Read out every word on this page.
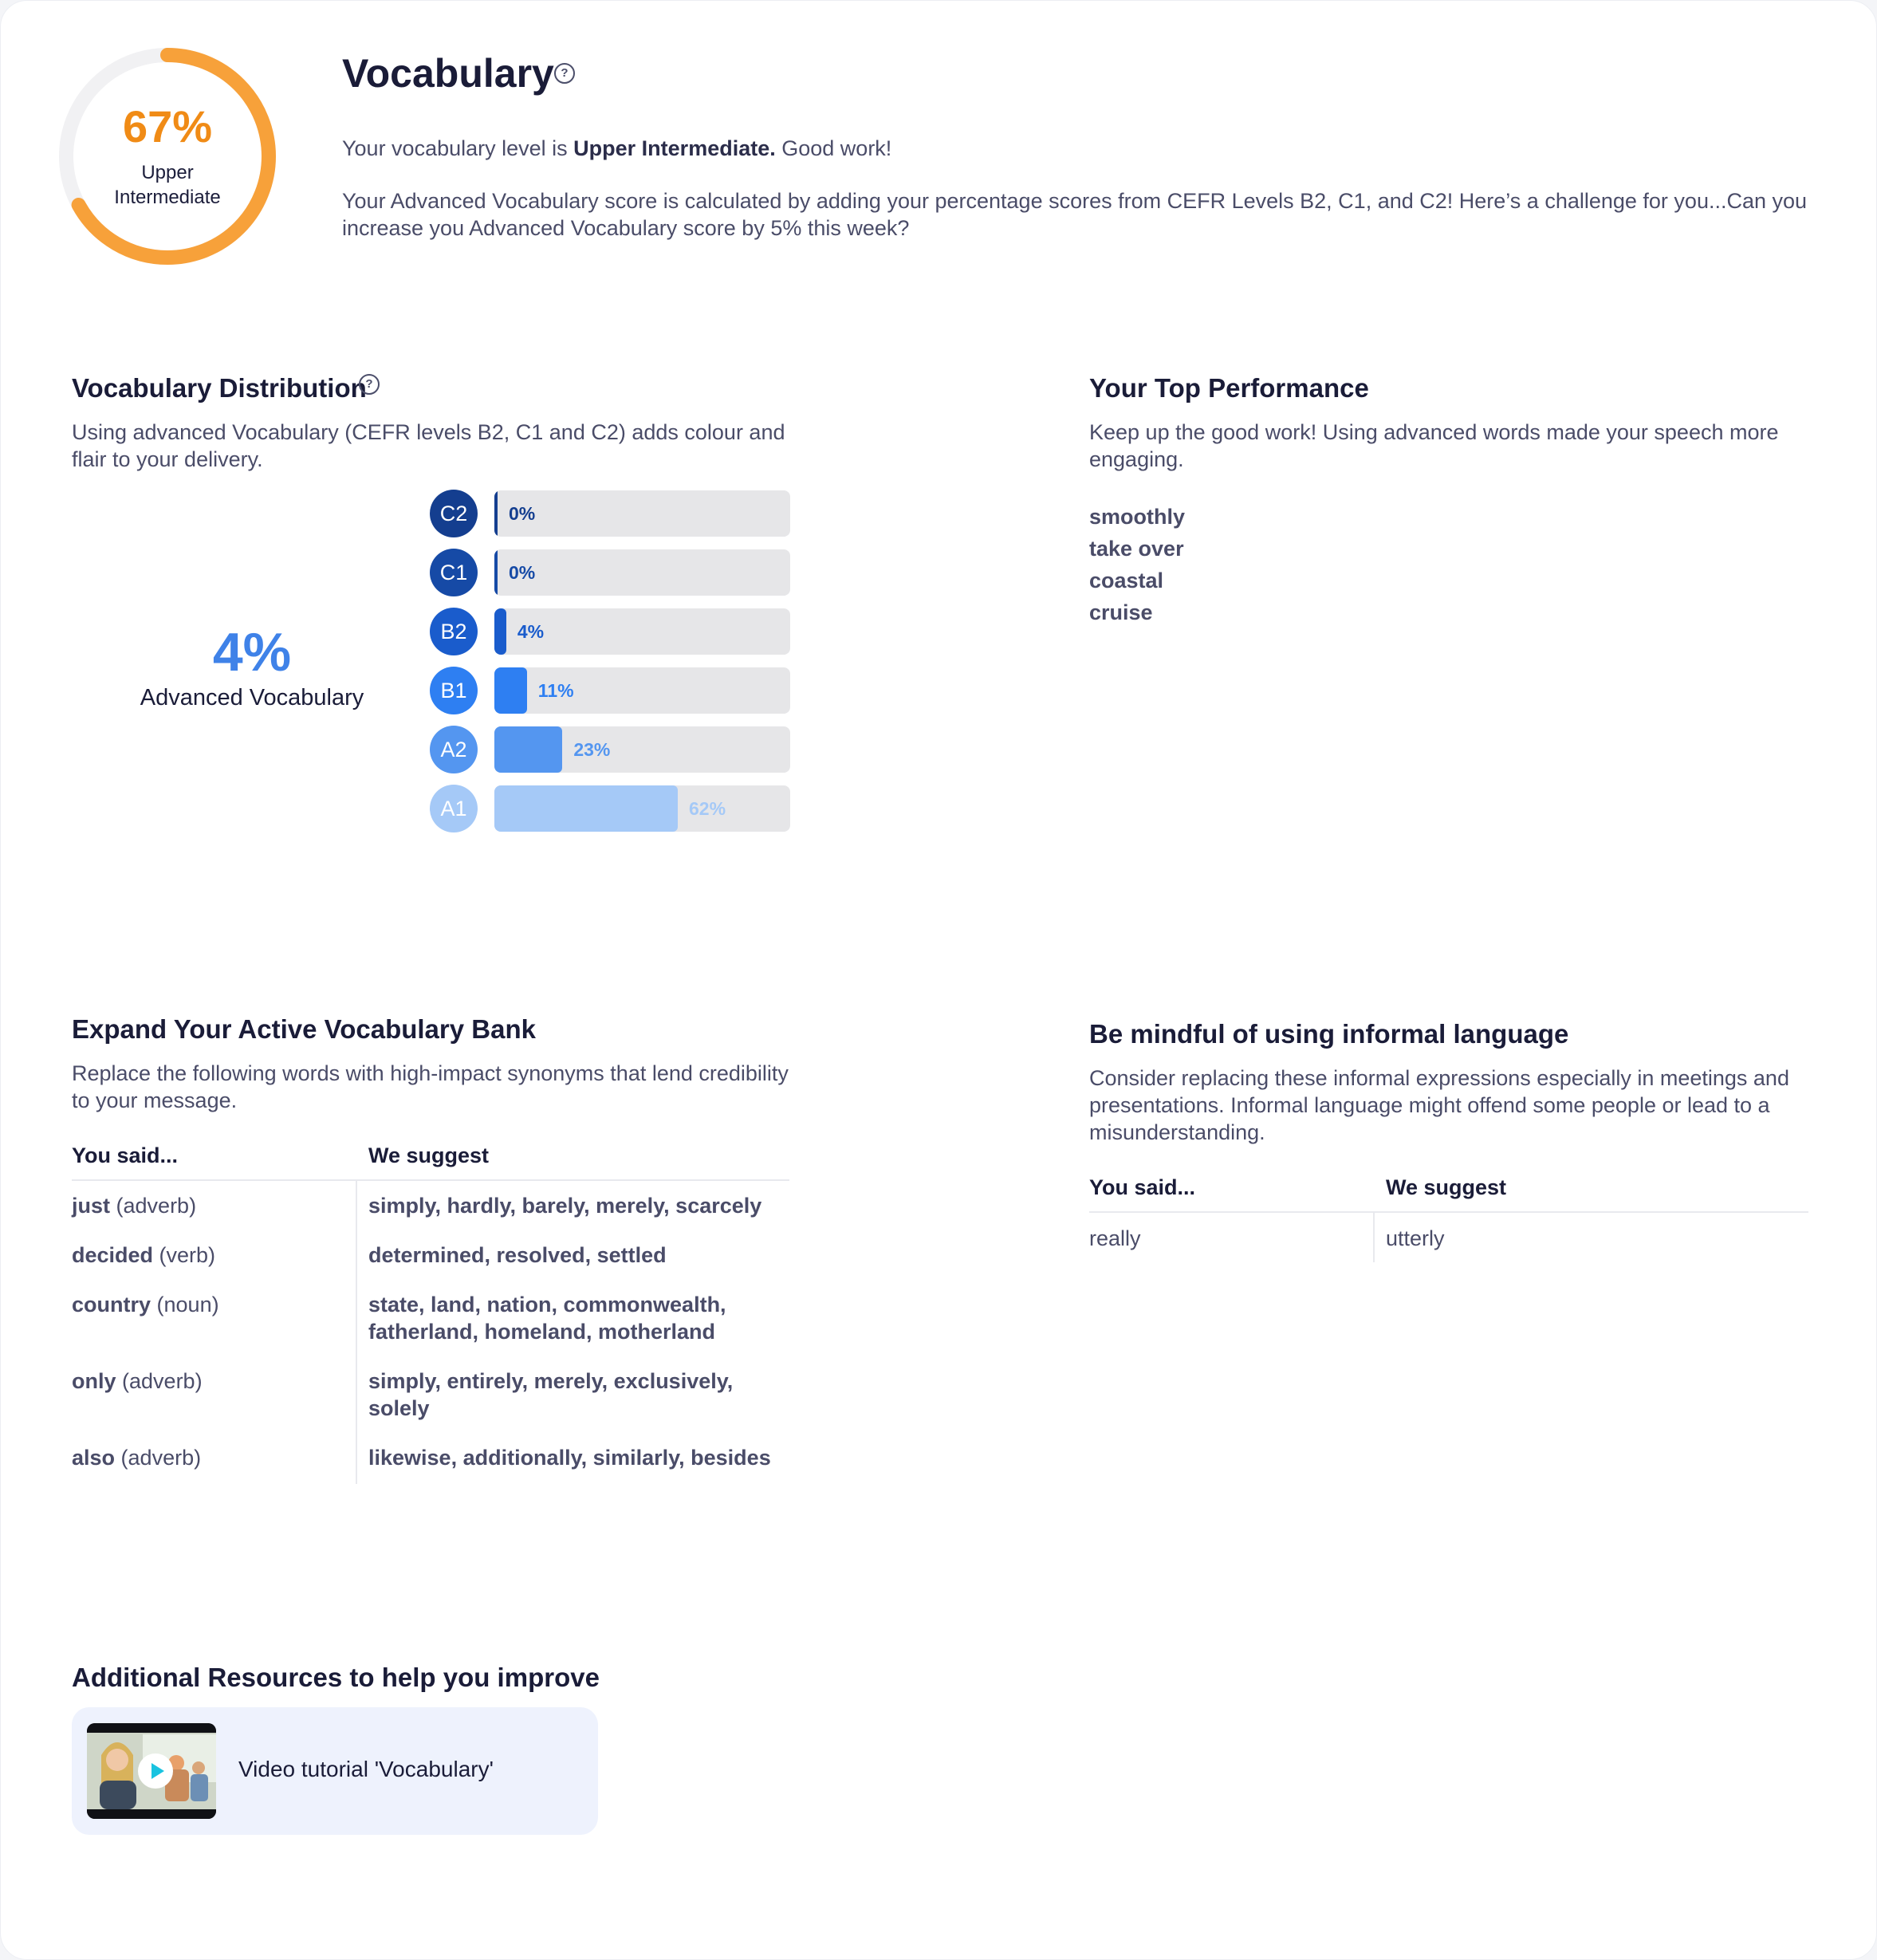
67%
Upper
Intermediate
Vocabulary ?
Your vocabulary level is Upper Intermediate. Good work!
Your Advanced Vocabulary score is calculated by adding your percentage scores from CEFR Levels B2, C1, and C2! Here’s a challenge for you...Can you increase you Advanced Vocabulary score by 5% this week?
Vocabulary Distribution
?
Using advanced Vocabulary (CEFR levels B2, C1 and C2) adds colour and flair to your delivery.
4%
Advanced Vocabulary
C2	0%
C1	0%
B2	4%
B1	11%
A2	23%
A1	62%
Your Top Performance
Keep up the good work! Using advanced words made your speech more engaging.
smoothly
take over
coastal
cruise
Expand Your Active Vocabulary Bank
Replace the following words with high-impact synonyms that lend credibility to your message.
You said...	We suggest
just (adverb)	simply, hardly, barely, merely, scarcely
decided (verb)	determined, resolved, settled
country (noun)	state, land, nation, commonwealth, fatherland, homeland, motherland
only (adverb)	simply, entirely, merely, exclusively, solely
also (adverb)	likewise, additionally, similarly, besides
Be mindful of using informal language
Consider replacing these informal expressions especially in meetings and presentations. Informal language might offend some people or lead to a misunderstanding.
You said...	We suggest
really	utterly
Additional Resources to help you improve
Video tutorial 'Vocabulary'
